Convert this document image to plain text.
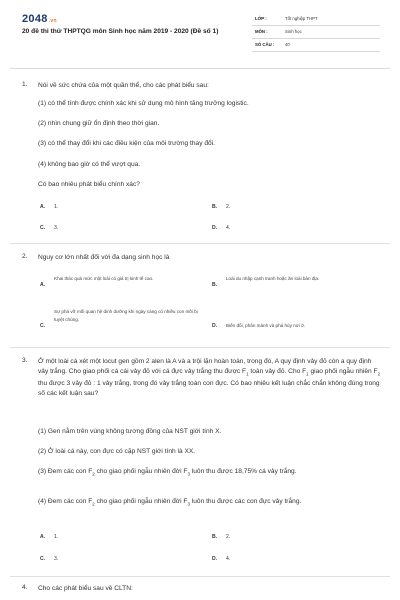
2048.vn
20 đề thi thử THPTQG môn Sinh học năm 2019 - 2020 (Đề số 1)
LỚP :	Tốt nghiệp THPT
MÔN :	Sinh học
SỐ CÂU : 40
1. Nói về sức chứa của một quần thể, cho các phát biểu sau:
(1) có thể tính được chính xác khi sử dụng mô hình tăng trưởng logistic.
(2) nhìn chung giữ ổn định theo thời gian.
(3) có thể thay đổi khi các điều kiện của môi trường thay đổi.
(4) không bao giờ có thể vượt qua.
Có bao nhiêu phát biểu chính xác?
A. 1.	B. 2.
C. 3.	D. 4.
2. Nguy cơ lớn nhất đối với đa dạng sinh học là
A.
Khai thác quá mức một loài có giá trị kinh tế cao.
B.
Loài du nhập cạnh tranh hoặc ăn loài bản địa.
C.
Sự phá vỡ mối quan hệ dinh dưỡng khi ngày càng có nhiều con mồi bị tuyệt chủng.
D. Biến đổi, phân mảnh và phá hủy nơi ở.
3. Ở một loài cá xét một locut gen gồm 2 alen là A và a trội lặn hoàn toàn, trong đó, A quy định vảy đỏ còn a quy định vảy trắng. Cho giao phối cá cái vảy đỏ với cá đực vảy trắng thu được $F_1$ toàn vảy đỏ. Cho $F_1$ giao phối ngẫu nhiên $F_2$ thu được 3 vảy đỏ : 1 vảy trắng, trong đó vảy trắng toàn con đực. Có bao nhiêu kết luận chắc chắn không đúng trong số các kết luận sau?
(1) Gen nằm trên vùng không tương đồng của NST giới tính X.
(2) Ở loài cá này, con đực có cặp NST giới tính là XX.
(3) Đem các con $F_2$ cho giao phối ngẫu nhiên đời $F_3$ luôn thu được 18,75% cá vảy trắng.
(4) Đem các con $F_2$ cho giao phối ngẫu nhiên đời $F_3$ luôn thu được các con đực vảy trắng.
A. 1.	B. 2.
C. 3.	D. 4.
4. Cho các phát biểu sau về CLTN:
